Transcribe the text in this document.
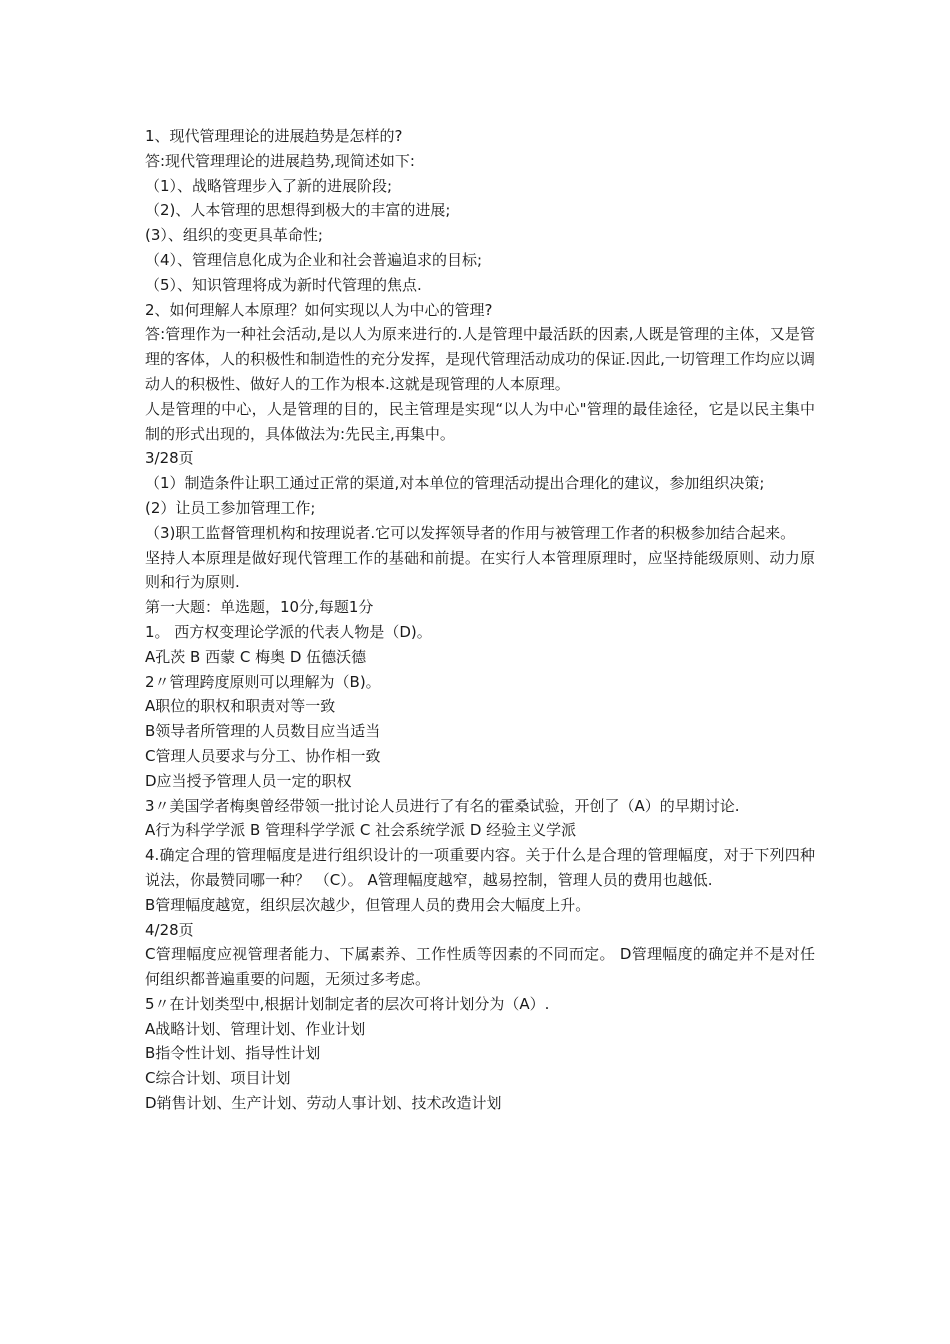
1、现代管理理论的进展趋势是怎样的?

答:现代管理理论的进展趋势,现简述如下:

（1）、战略管理步入了新的进展阶段;

（2)、人本管理的思想得到极大的丰富的进展;

(3）、组织的变更具革命性;

（4）、管理信息化成为企业和社会普遍追求的目标;

（5）、知识管理将成为新时代管理的焦点.

2、如何理解人本原理？如何实现以人为中心的管理?

答:管理作为一种社会活动,是以人为原来进行的.人是管理中最活跃的因素,人既是管理的主体，又是管理的客体，人的积极性和制造性的充分发挥，是现代管理活动成功的保证.因此,一切管理工作均应以调动人的积极性、做好人的工作为根本.这就是现管理的人本原理。

人是管理的中心，人是管理的目的，民主管理是实现“以人为中心"管理的最佳途径，它是以民主集中制的形式出现的，具体做法为:先民主,再集中。

3/28页

（1）制造条件让职工通过正常的渠道,对本单位的管理活动提出合理化的建议，参加组织决策;

(2）让员工参加管理工作;

（3)职工监督管理机构和按理说者.它可以发挥领导者的作用与被管理工作者的积极参加结合起来。

坚持人本原理是做好现代管理工作的基础和前提。在实行人本管理原理时，应坚持能级原则、动力原则和行为原则.

第一大题：单选题，10分,每题1分

1。 西方权变理论学派的代表人物是（D)。

A孔茨 B 西蒙 C 梅奥 D 伍德沃德

2〃管理跨度原则可以理解为（B)。

A职位的职权和职责对等一致

B领导者所管理的人员数目应当适当

C管理人员要求与分工、协作相一致

D应当授予管理人员一定的职权

3〃美国学者梅奥曾经带领一批讨论人员进行了有名的霍桑试验，开创了（A）的早期讨论.

A行为科学学派 B 管理科学学派 C 社会系统学派 D 经验主义学派

4.确定合理的管理幅度是进行组织设计的一项重要内容。关于什么是合理的管理幅度，对于下列四种说法，你最赞同哪一种？ （C）。 A管理幅度越窄，越易控制，管理人员的费用也越低.

B管理幅度越宽，组织层次越少，但管理人员的费用会大幅度上升。

4/28页

C管理幅度应视管理者能力、下属素养、工作性质等因素的不同而定。 D管理幅度的确定并不是对任何组织都普遍重要的问题，无须过多考虑。

5〃在计划类型中,根据计划制定者的层次可将计划分为（A）.

A战略计划、管理计划、作业计划

B指令性计划、指导性计划

C综合计划、项目计划

D销售计划、生产计划、劳动人事计划、技术改造计划
